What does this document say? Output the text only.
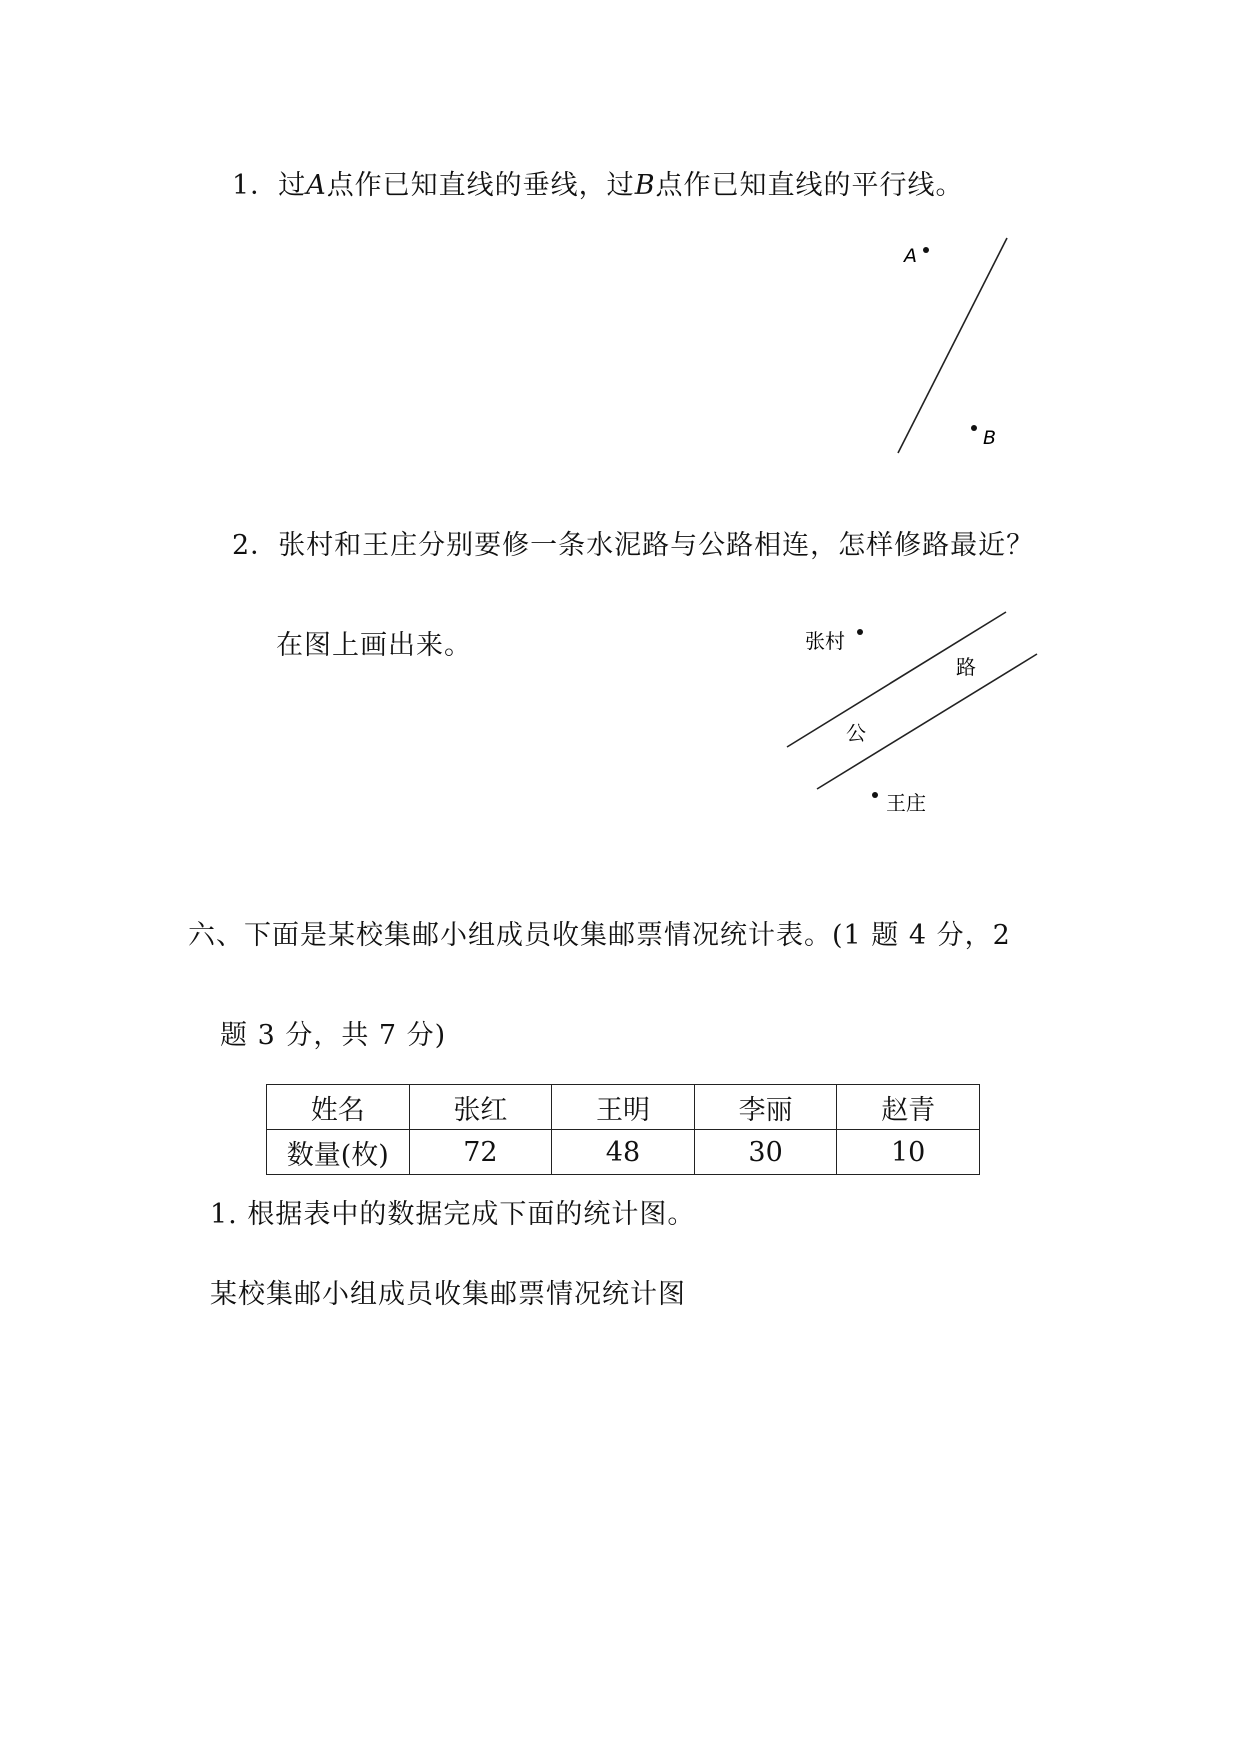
1．过A点作已知直线的垂线，过B点作已知直线的平行线。
A
B
2．张村和王庄分别要修一条水泥路与公路相连，怎样修路最近？
在图上画出来。	张村
路
公
王庄
六、下面是某校集邮小组成员收集邮票情况统计表。(1 题 4 分，2
题 3 分，共 7 分)
姓名	张红	王明	李丽	赵青
数量(枚)	72	48	30	10
1. 根据表中的数据完成下面的统计图。
某校集邮小组成员收集邮票情况统计图
